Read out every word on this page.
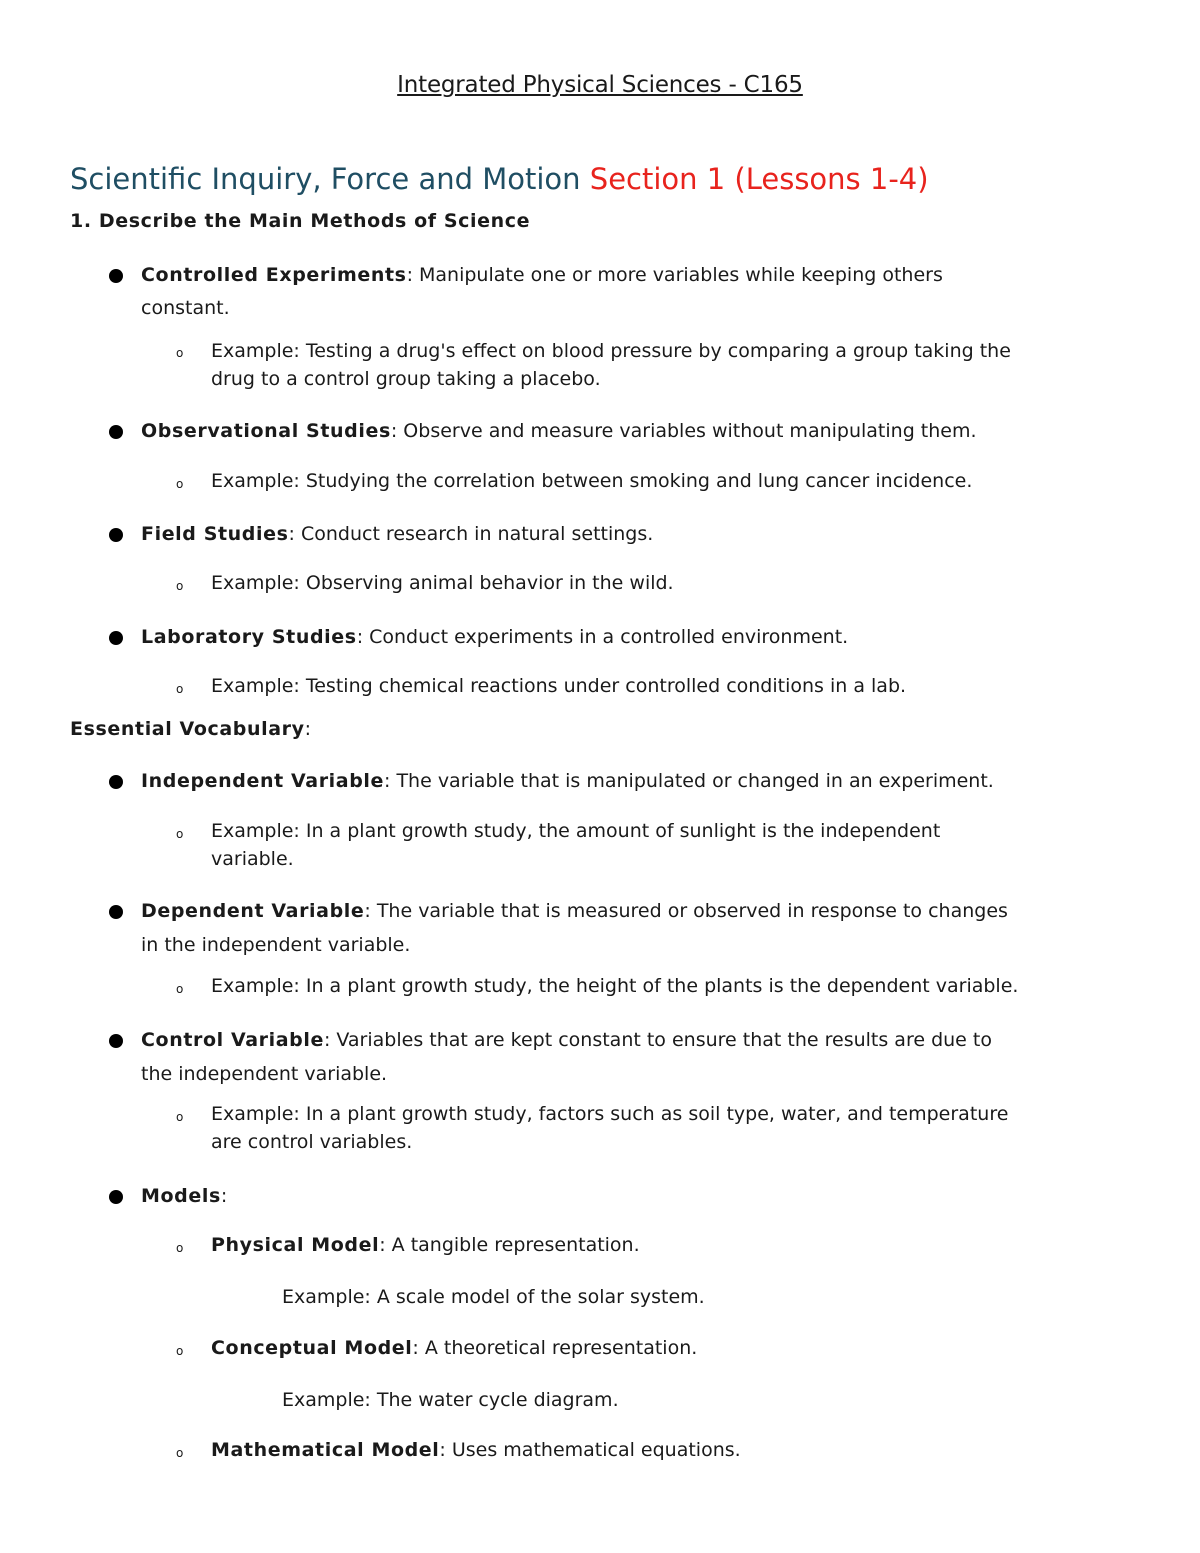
Integrated Physical Sciences - C165
Scientific Inquiry, Force and Motion Section 1 (Lessons 1-4)
1. Describe the Main Methods of Science
Controlled Experiments: Manipulate one or more variables while keeping others
constant.
o Example: Testing a drug's effect on blood pressure by comparing a group taking the
drug to a control group taking a placebo.
Observational Studies: Observe and measure variables without manipulating them.
o Example: Studying the correlation between smoking and lung cancer incidence.
Field Studies: Conduct research in natural settings.
o Example: Observing animal behavior in the wild.
Laboratory Studies: Conduct experiments in a controlled environment.
o Example: Testing chemical reactions under controlled conditions in a lab.
Essential Vocabulary:
Independent Variable: The variable that is manipulated or changed in an experiment.
o Example: In a plant growth study, the amount of sunlight is the independent
variable.
Dependent Variable: The variable that is measured or observed in response to changes
in the independent variable.
o Example: In a plant growth study, the height of the plants is the dependent variable.
Control Variable: Variables that are kept constant to ensure that the results are due to
the independent variable.
o Example: In a plant growth study, factors such as soil type, water, and temperature
are control variables.
Models:
o Physical Model: A tangible representation.
Example: A scale model of the solar system.
o Conceptual Model: A theoretical representation.
Example: The water cycle diagram.
o Mathematical Model: Uses mathematical equations.
